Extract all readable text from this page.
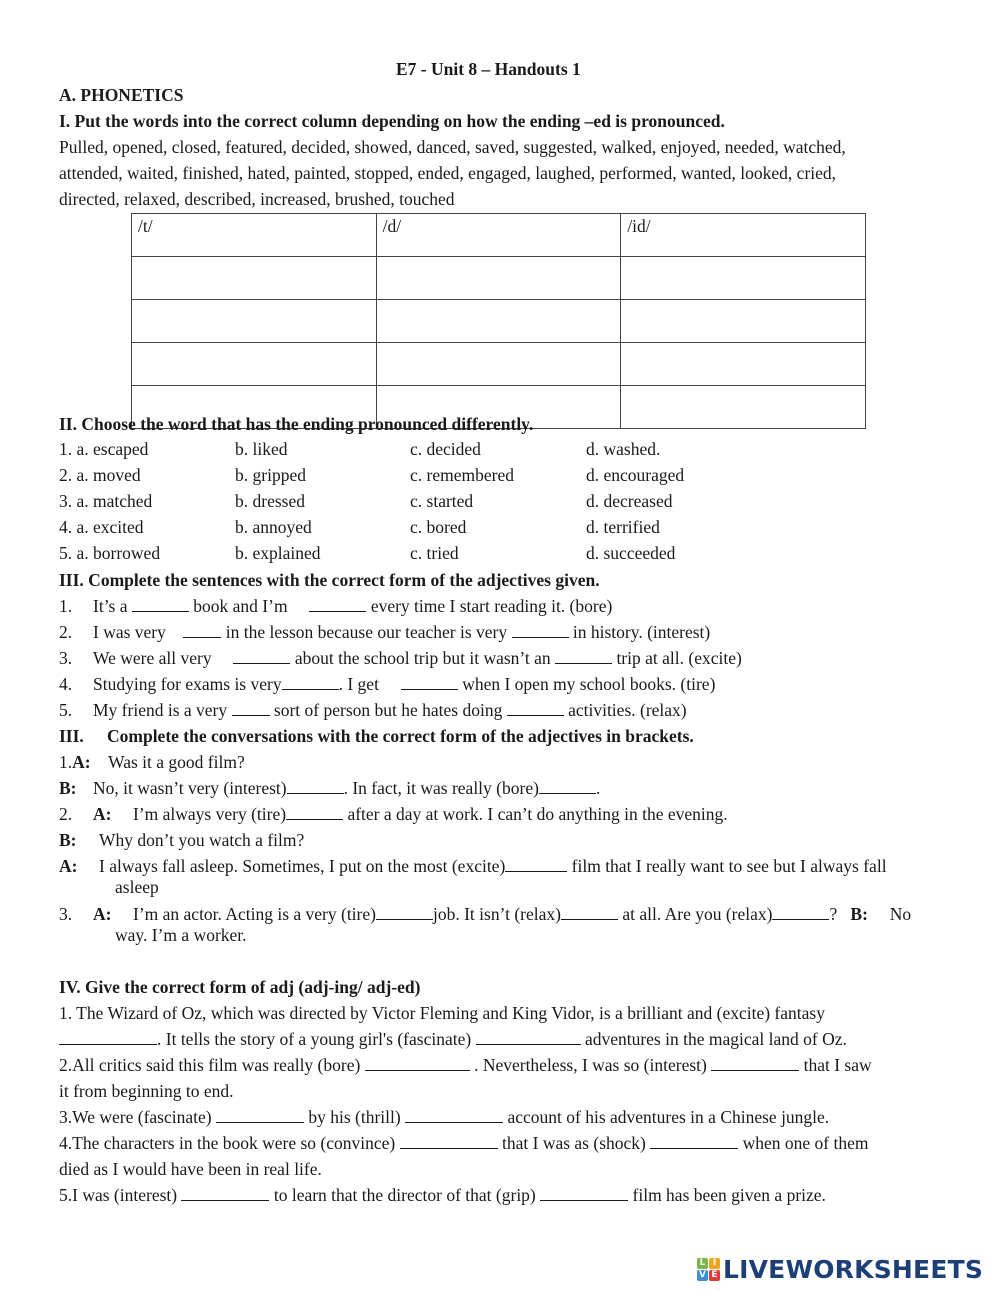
E7 - Unit 8 – Handouts 1
A. PHONETICS
I. Put the words into the correct column depending on how the ending –ed is pronounced.
Pulled, opened, closed, featured, decided, showed, danced, saved, suggested, walked, enjoyed, needed, watched,
attended, waited, finished, hated, painted, stopped, ended, engaged, laughed, performed, wanted, looked, cried,
directed, relaxed, described, increased, brushed, touched
/t/	/d/	/id/

II. Choose the word that has the ending pronounced differently.
1. a. escaped	b. liked	c. decided	d. washed.
2. a. moved	b. gripped	c. remembered	d. encouraged
3. a. matched	b. dressed	c. started	d. decreased
4. a. excited	b. annoyed	c. bored	d. terrified
5. a. borrowed	b. explained	c. tried	d. succeeded
III. Complete the sentences with the correct form of the adjectives given.
1. It’s a	book and I’m	every time I start reading it. (bore)
2. I was very	in the lesson because our teacher is very	in history. (interest)
3. We were all very	about the school trip but it wasn’t an	trip at all. (excite)
4. Studying for exams is very	. I get	when I open my school books. (tire)
5. My friend is a very	sort of person but he hates doing	activities. (relax)
III. Complete the conversations with the correct form of the adjectives in brackets.
1.A: Was it a good film?
B: No, it wasn’t very (interest)	. In fact, it was really (bore)	.
2. A: I’m always very (tire)	after a day at work. I can’t do anything in the evening.
B: Why don’t you watch a film?
A: I always fall asleep. Sometimes, I put on the most (excite)	film that I really want to see but I always fall
asleep
3. A: I’m an actor. Acting is a very (tire)	job. It isn’t (relax)	at all. Are you (relax)	? B: No
way. I’m a worker.
IV. Give the correct form of adj (adj-ing/ adj-ed)
1. The Wizard of Oz, which was directed by Victor Fleming and King Vidor, is a brilliant and (excite) fantasy
. It tells the story of a young girl's (fascinate)	adventures in the magical land of Oz.
2.All critics said this film was really (bore)	. Nevertheless, I was so (interest)	that I saw
it from beginning to end.
3.We were (fascinate)	by his (thrill)	account of his adventures in a Chinese jungle.
4.The characters in the book were so (convince)	that I was as (shock)	when one of them
died as I would have been in real life.
5.I was (interest)	to learn that the director of that (grip)	film has been given a prize.
L I
V E LIVEWORKSHEETS
